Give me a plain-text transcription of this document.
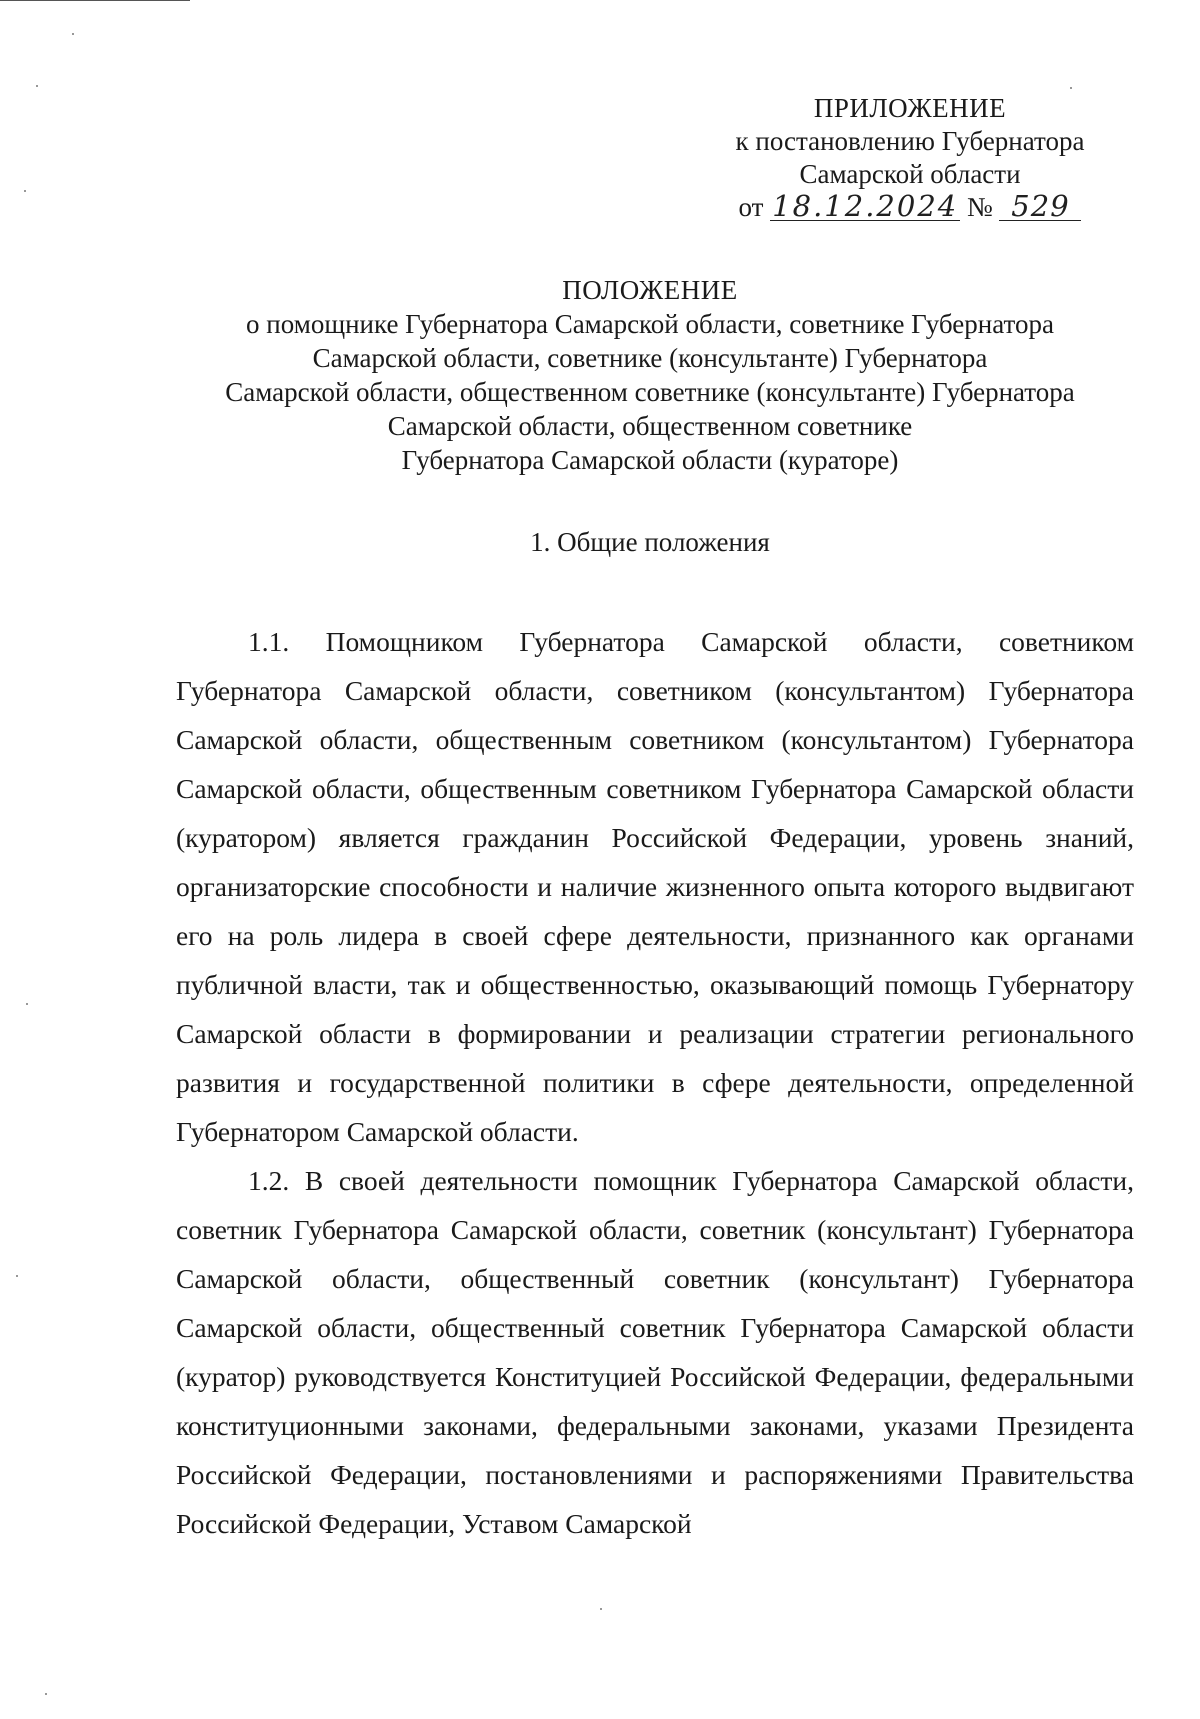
ПРИЛОЖЕНИЕ
к постановлению Губернатора
Самарской области
от 18.12.2024 № 529
ПОЛОЖЕНИЕ
о помощнике Губернатора Самарской области, советнике Губернатора
Самарской области, советнике (консультанте) Губернатора
Самарской области, общественном советнике (консультанте) Губернатора
Самарской области, общественном советнике
Губернатора Самарской области (кураторе)
1. Общие положения

1.1. Помощником Губернатора Самарской области, советником Губернатора Самарской области, советником (консультантом) Губернатора Самарской области, общественным советником (консультантом) Губернатора Самарской области, общественным советником Губернатора Самарской области (куратором) является гражданин Российской Федерации, уровень знаний, организаторские способности и наличие жизненного опыта которого выдвигают его на роль лидера в своей сфере деятельности, признанного как органами публичной власти, так и общественностью, оказывающий помощь Губернатору Самарской области в формировании и реализации стратегии регионального развития и государственной политики в сфере деятельности, определенной Губернатором Самарской области.

1.2. В своей деятельности помощник Губернатора Самарской области, советник Губернатора Самарской области, советник (консультант) Губернатора Самарской области, общественный советник (консультант) Губернатора Самарской области, общественный советник Губернатора Самарской области (куратор) руководствуется Конституцией Российской Федерации, федеральными конституционными законами, федеральными законами, указами Президента Российской Федерации, постановлениями и распоряжениями Правительства Российской Федерации, Уставом Самарской
